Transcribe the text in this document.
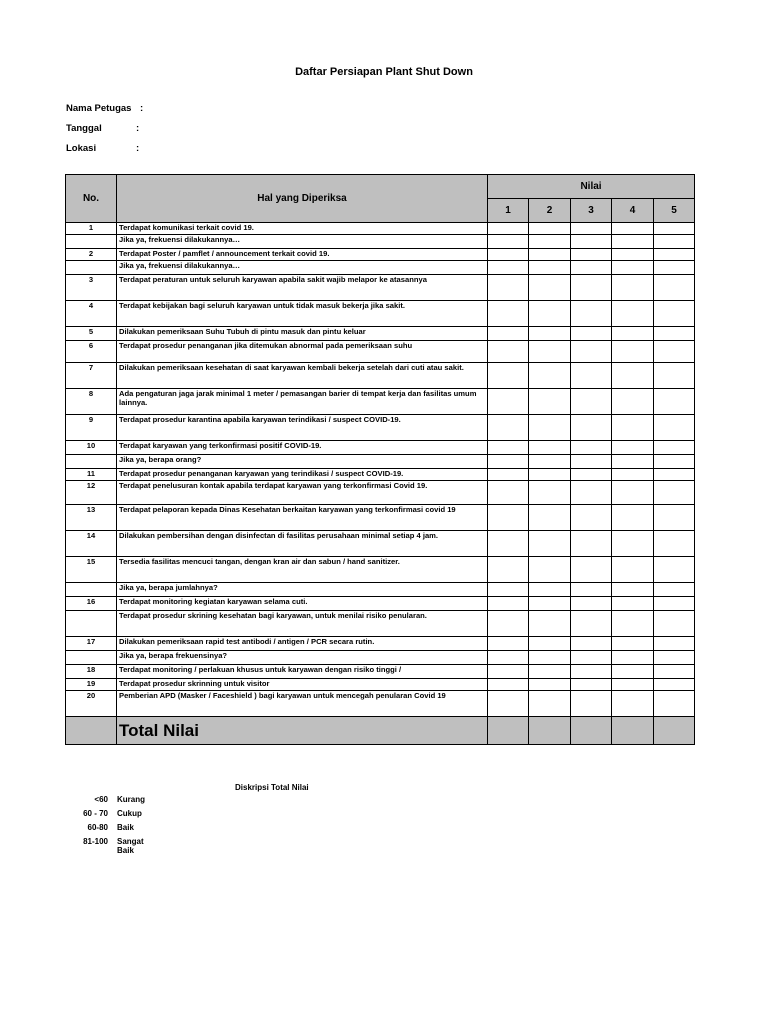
Daftar Persiapan Plant Shut Down
Nama Petugas :
Tanggal	:
Lokasi	:
No.	Hal yang Diperiksa	Nilai				
		1	2	3	4	5
1	Terdapat komunikasi terkait covid 19.					
	Jika ya, frekuensi dilakukannya…					
2	Terdapat Poster / pamflet / announcement terkait covid 19.					
	Jika ya, frekuensi dilakukannya…					
3	Terdapat peraturan untuk seluruh karyawan apabila sakit wajib melapor ke atasannya					
4	Terdapat kebijakan bagi seluruh karyawan untuk tidak masuk bekerja jika sakit.					
5	Dilakukan pemeriksaan Suhu Tubuh di pintu masuk dan pintu keluar					
6	Terdapat prosedur penanganan jika ditemukan abnormal pada pemeriksaan suhu					
7	Dilakukan pemeriksaan kesehatan di saat karyawan kembali bekerja setelah dari cuti atau sakit.					
8	Ada pengaturan jaga jarak minimal 1 meter / pemasangan barier di tempat kerja dan fasilitas umum lainnya.					
9	Terdapat prosedur karantina apabila karyawan terindikasi / suspect COVID-19.					
10	Terdapat karyawan yang terkonfirmasi positif COVID-19.					
	Jika ya, berapa orang?					
11	Terdapat prosedur penanganan karyawan yang terindikasi / suspect COVID-19.					
12	Terdapat penelusuran kontak apabila terdapat karyawan yang terkonfirmasi Covid 19.					
13	Terdapat pelaporan kepada Dinas Kesehatan berkaitan karyawan yang terkonfirmasi covid 19					
14	Dilakukan pembersihan dengan disinfectan di fasilitas perusahaan minimal setiap 4 jam.					
15	Tersedia fasilitas mencuci tangan, dengan kran air dan sabun / hand sanitizer.					
	Jika ya, berapa jumlahnya?					
16	Terdapat monitoring kegiatan karyawan selama cuti.					
	Terdapat prosedur skrining kesehatan bagi karyawan, untuk menilai risiko penularan.					
17	Dilakukan pemeriksaan rapid test antibodi / antigen / PCR secara rutin.					
	Jika ya, berapa frekuensinya?					
18	Terdapat monitoring / perlakuan khusus untuk karyawan dengan risiko tinggi /					
19	Terdapat prosedur skrinning untuk visitor					
20	Pemberian APD (Masker / Faceshield ) bagi karyawan untuk mencegah penularan Covid 19					
	Total Nilai					
Diskripsi Total Nilai
<60 Kurang
60 - 70 Cukup
60-80 Baik
81-100 Sangat Baik
